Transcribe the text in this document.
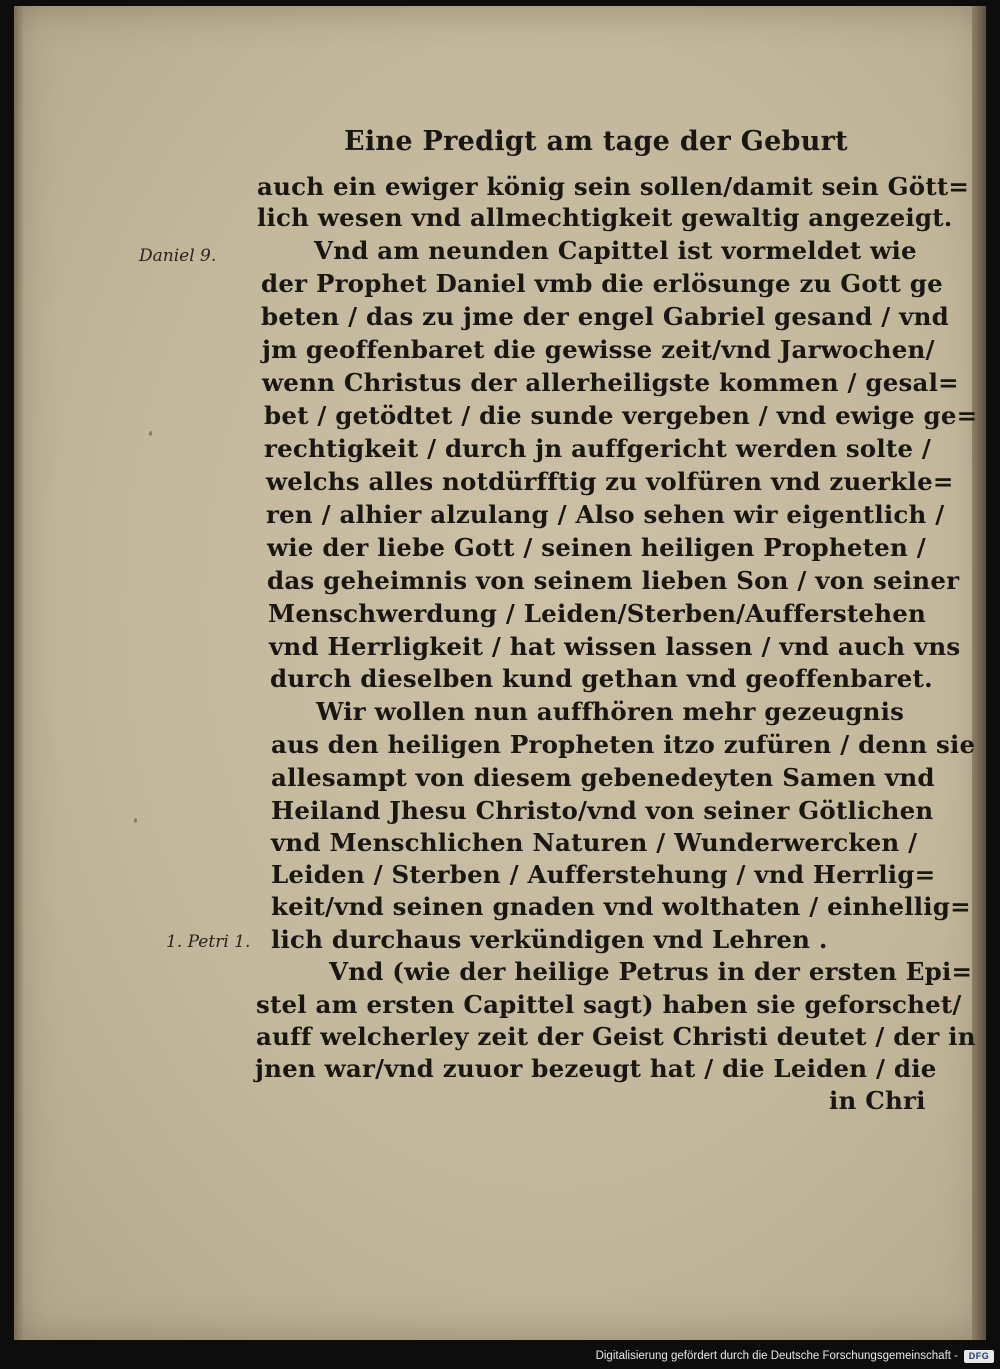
Eine Predigt am tage der Geburt
Daniel 9.
1. Petri 1.
auch ein ewiger könig sein sollen/damit sein Gött=
lich wesen vnd allmechtigkeit gewaltig angezeigt.
Vnd am neunden Capittel ist vormeldet wie
der Prophet Daniel vmb die erlösunge zu Gott ge
beten / das zu jme der engel Gabriel gesand / vnd
jm geoffenbaret die gewisse zeit/vnd Jarwochen/
wenn Christus der allerheiligste kommen / gesal=
bet / getödtet / die sunde vergeben / vnd ewige ge=
rechtigkeit / durch jn auffgericht werden solte /
welchs alles notdürfftig zu volfüren vnd zuerkle=
ren / alhier alzulang / Also sehen wir eigentlich /
wie der liebe Gott / seinen heiligen Propheten /
das geheimnis von seinem lieben Son / von seiner
Menschwerdung / Leiden/Sterben/Aufferstehen
vnd Herrligkeit / hat wissen lassen / vnd auch vns
durch dieselben kund gethan vnd geoffenbaret.
Wir wollen nun auffhören mehr gezeugnis
aus den heiligen Propheten itzo zufüren / denn sie
allesampt von diesem gebenedeyten Samen vnd
Heiland Jhesu Christo/vnd von seiner Götlichen
vnd Menschlichen Naturen / Wunderwercken /
Leiden / Sterben / Aufferstehung / vnd Herrlig=
keit/vnd seinen gnaden vnd wolthaten / einhellig=
lich durchaus verkündigen vnd Lehren .
Vnd (wie der heilige Petrus in der ersten Epi=
stel am ersten Capittel sagt) haben sie geforschet/
auff welcherley zeit der Geist Christi deutet / der in
jnen war/vnd zuuor bezeugt hat / die Leiden / die
in Chri
Digitalisierung gefördert durch die Deutsche Forschungsgemeinschaft - DFG
